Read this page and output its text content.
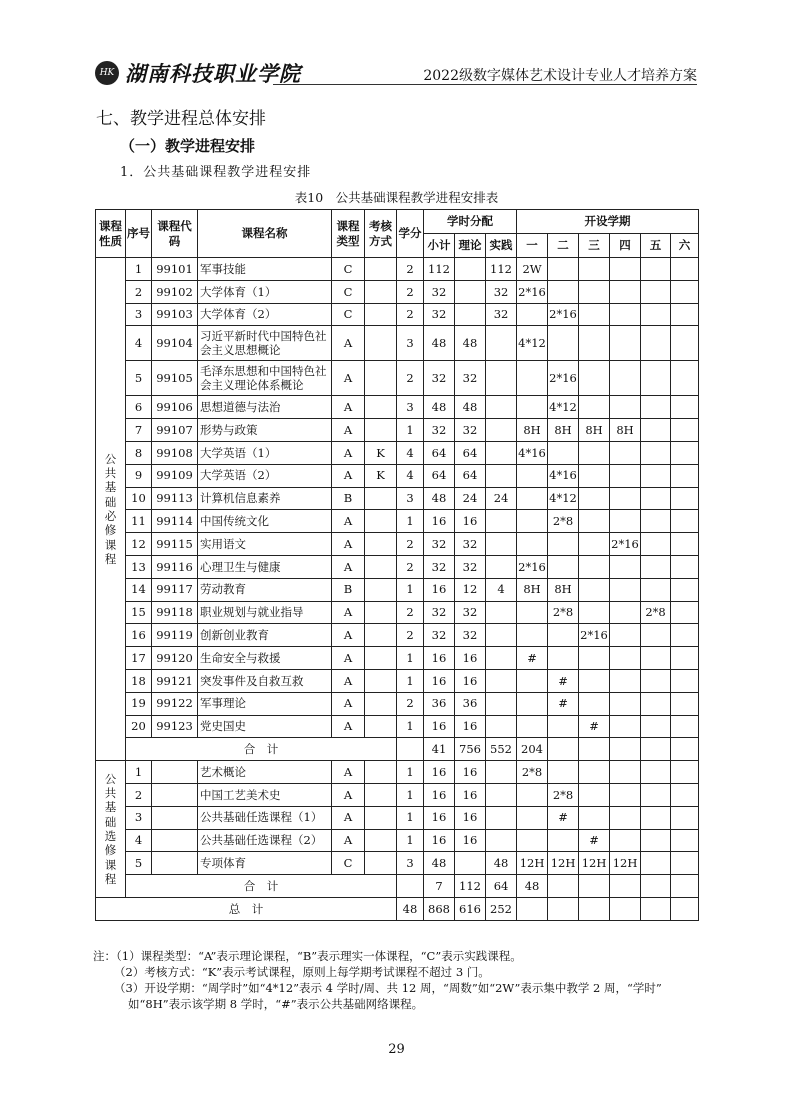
HK 湖南科技职业学院	2022级数字媒体艺术设计专业人才培养方案
七、教学进程总体安排
（一）教学进程安排
1．公共基础课程教学进程安排
表10　公共基础课程教学进程安排表
课程性质	序号	课程代码	课程名称	课程类型	考核方式	学分	学时分配			开设学期						
							小计	理论	实践	一	二	三	四	五	六	
公共基础必修课程	1	99101	军事技能	C		2	112		112	2W						
	2	99102	大学体育（1）	C		2	32		32	2*16						
	3	99103	大学体育（2）	C		2	32		32		2*16					
	4	99104	习近平新时代中国特色社会主义思想概论	A		3	48	48		4*12						
	5	99105	毛泽东思想和中国特色社会主义理论体系概论	A		2	32	32			2*16					
	6	99106	思想道德与法治	A		3	48	48			4*12					
	7	99107	形势与政策	A		1	32	32		8H	8H	8H	8H			
	8	99108	大学英语（1）	A	K	4	64	64		4*16						
	9	99109	大学英语（2）	A	K	4	64	64			4*16					
	10	99113	计算机信息素养	B		3	48	24	24		4*12					
	11	99114	中国传统文化	A		1	16	16			2*8					
	12	99115	实用语文	A		2	32	32					2*16			
	13	99116	心理卫生与健康	A		2	32	32		2*16						
	14	99117	劳动教育	B		1	16	12	4	8H	8H					
	15	99118	职业规划与就业指导	A		2	32	32			2*8			2*8		
	16	99119	创新创业教育	A		2	32	32				2*16				
	17	99120	生命安全与救援	A		1	16	16		#						
	18	99121	突发事件及自救互救	A		1	16	16			#					
	19	99122	军事理论	A		2	36	36			#					
	20	99123	党史国史	A		1	16	16				#				
	合　计						41	756	552	204						
公共基础选修课程	1		艺术概论	A		1	16	16		2*8						
	2		中国工艺美术史	A		1	16	16			2*8					
	3		公共基础任选课程（1）	A		1	16	16			#					
	4		公共基础任选课程（2）	A		1	16	16				#				
	5		专项体育	C		3	48		48	12H	12H	12H	12H			
	合　计						7	112	64	48						
总　计						48	868	616	252							
注：（1）课程类型：“A”表示理论课程，“B”表示理实一体课程，“C”表示实践课程。
（2）考核方式：“K”表示考试课程，原则上每学期考试课程不超过 3 门。
（3）开设学期：“周学时”如“4*12”表示 4 学时/周、共 12 周，“周数”如“2W”表示集中教学 2 周，“学时”
如“8H”表示该学期 8 学时，“#”表示公共基础网络课程。
29
